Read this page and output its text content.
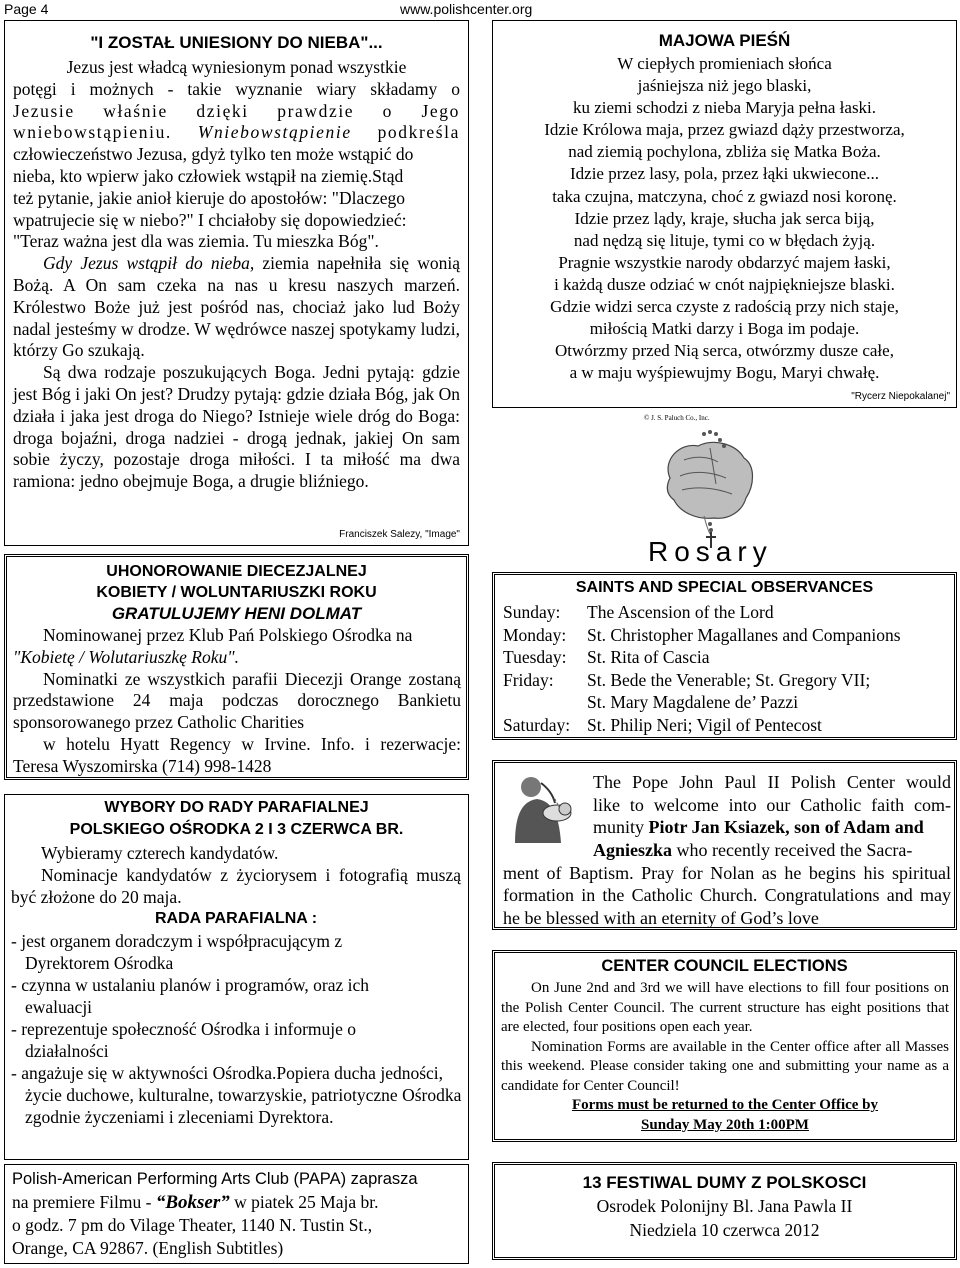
Page 4	www.polishcenter.org
"I ZOSTAŁ UNIESIONY DO NIEBA"...

Jezus jest władcą wyniesionym ponad wszystkie

potęgi i możnych - takie wyznanie wiary składamy o

Jezusie właśnie dzięki prawdzie o Jego

wniebowstąpieniu. Wniebowstąpienie podkreśla

człowieczeństwo Jezusa, gdyż tylko ten może wstąpić do

nieba, kto wpierw jako człowiek wstąpił na ziemię.Stąd

też pytanie, jakie anioł kieruje do apostołów: "Dlaczego

wpatrujecie się w niebo?" I chciałoby się dopowiedzieć:

"Teraz ważna jest dla was ziemia. Tu mieszka Bóg".

Gdy Jezus wstąpił do nieba, ziemia napełniła się wonią Bożą. A On sam czeka na nas u kresu naszych marzeń. Królestwo Boże już jest pośród nas, chociaż jako lud Boży nadal jesteśmy w drodze. W wędrówce naszej spotykamy ludzi, którzy Go szukają.

Są dwa rodzaje poszukujących Boga. Jedni pytają: gdzie jest Bóg i jaki On jest? Drudzy pytają: gdzie działa Bóg, jak On działa i jaka jest droga do Niego? Istnieje wiele dróg do Boga: droga bojaźni, droga nadziei - drogą jednak, jakiej On sam sobie życzy, pozostaje droga miłości. I ta miłość ma dwa ramiona: jedno obejmuje Boga, a drugie bliźniego.

Franciszek Salezy, "Image"
UHONOROWANIE DIECEZJALNEJ
KOBIETY / WOLUNTARIUSZKI ROKU
GRATULUJEMY HENI DOLMAT

Nominowanej przez Klub Pań Polskiego Ośrodka na

"Kobietę / Wolutariuszkę Roku".

Nominatki ze wszystkich parafii Diecezji Orange zostaną przedstawione 24 maja podczas dorocznego Bankietu sponsorowanego przez Catholic Charities

w hotelu Hyatt Regency w Irvine. Info. i rezerwacje: Teresa Wyszomirska (714) 998-1428

WYBORY DO RADY PARAFIALNEJ
POLSKIEGO OŚRODKA 2 I 3 CZERWCA BR.

Wybieramy czterech kandydatów.

Nominacje kandydatów z życiorysem i fotografią muszą być złożone do 20 maja.

RADA PARAFIALNA :

- jest organem doradczym i współpracującym z Dyrektorem Ośrodka

- czynna w ustalaniu planów i programów, oraz ich ewaluacji

- reprezentuje społeczność Ośrodka i informuje o działalności

- angażuje się w aktywności Ośrodka.Popiera ducha jedności, życie duchowe, kulturalne, towarzyskie, patriotyczne Ośrodka zgodnie życzeniami i zleceniami Dyrektora.

Polish-American Performing Arts Club (PAPA) zaprasza

na premiere Filmu - “Bokser” w piatek 25 Maja br.

o godz. 7 pm do Vilage Theater, 1140 N. Tustin St.,

Orange, CA 92867. (English Subtitles)

MAJOWA PIEŚŃ

W ciepłych promieniach słońca

jaśniejsza niż jego blaski,

ku ziemi schodzi z nieba Maryja pełna łaski.

Idzie Królowa maja, przez gwiazd dąży przestworza,

nad ziemią pochylona, zbliża się Matka Boża.

Idzie przez lasy, pola, przez łąki ukwiecone...

taka czujna, matczyna, choć z gwiazd nosi koronę.

Idzie przez lądy, kraje, słucha jak serca biją,

nad nędzą się lituje, tymi co w błędach żyją.

Pragnie wszystkie narody obdarzyć majem łaski,

i każdą dusze odziać w cnót najpiękniejsze blaski.

Gdzie widzi serca czyste z radością przy nich staje,

miłością Matki darzy i Boga im podaje.

Otwórzmy przed Nią serca, otwórzmy dusze całe,

a w maju wyśpiewujmy Bogu, Maryi chwałę.

"Rycerz Niepokalanej"
© J. S. Paluch Co., Inc.
Rosary
SAINTS AND SPECIAL OBSERVANCES
Sunday:	The Ascension of the Lord
Monday:	St. Christopher Magallanes and Companions
Tuesday:	St. Rita of Cascia
Friday:	St. Bede the Venerable; St. Gregory VII;
	St. Mary Magdalene de’ Pazzi
Saturday:	St. Philip Neri; Vigil of Pentecost

The Pope John Paul II Polish Center would

like to welcome into our Catholic faith com-

munity Piotr Jan Ksiazek, son of Adam and

Agnieszka who recently received the Sacra-

ment of Baptism. Pray for Nolan as he begins his spiritual formation in the Catholic Church. Congratulations and may he be blessed with an eternity of God’s love

CENTER COUNCIL ELECTIONS

On June 2nd and 3rd we will have elections to fill four positions on the Polish Center Council. The current structure has eight positions that are elected, four positions open each year.

Nomination Forms are available in the Center office after all Masses this weekend. Please consider taking one and submitting your name as a candidate for Center Council!

Forms must be returned to the Center Office by

Sunday May 20th 1:00PM

13 FESTIWAL DUMY Z POLSKOSCI
Osrodek Polonijny Bl. Jana Pawla II
Niedziela 10 czerwca 2012
